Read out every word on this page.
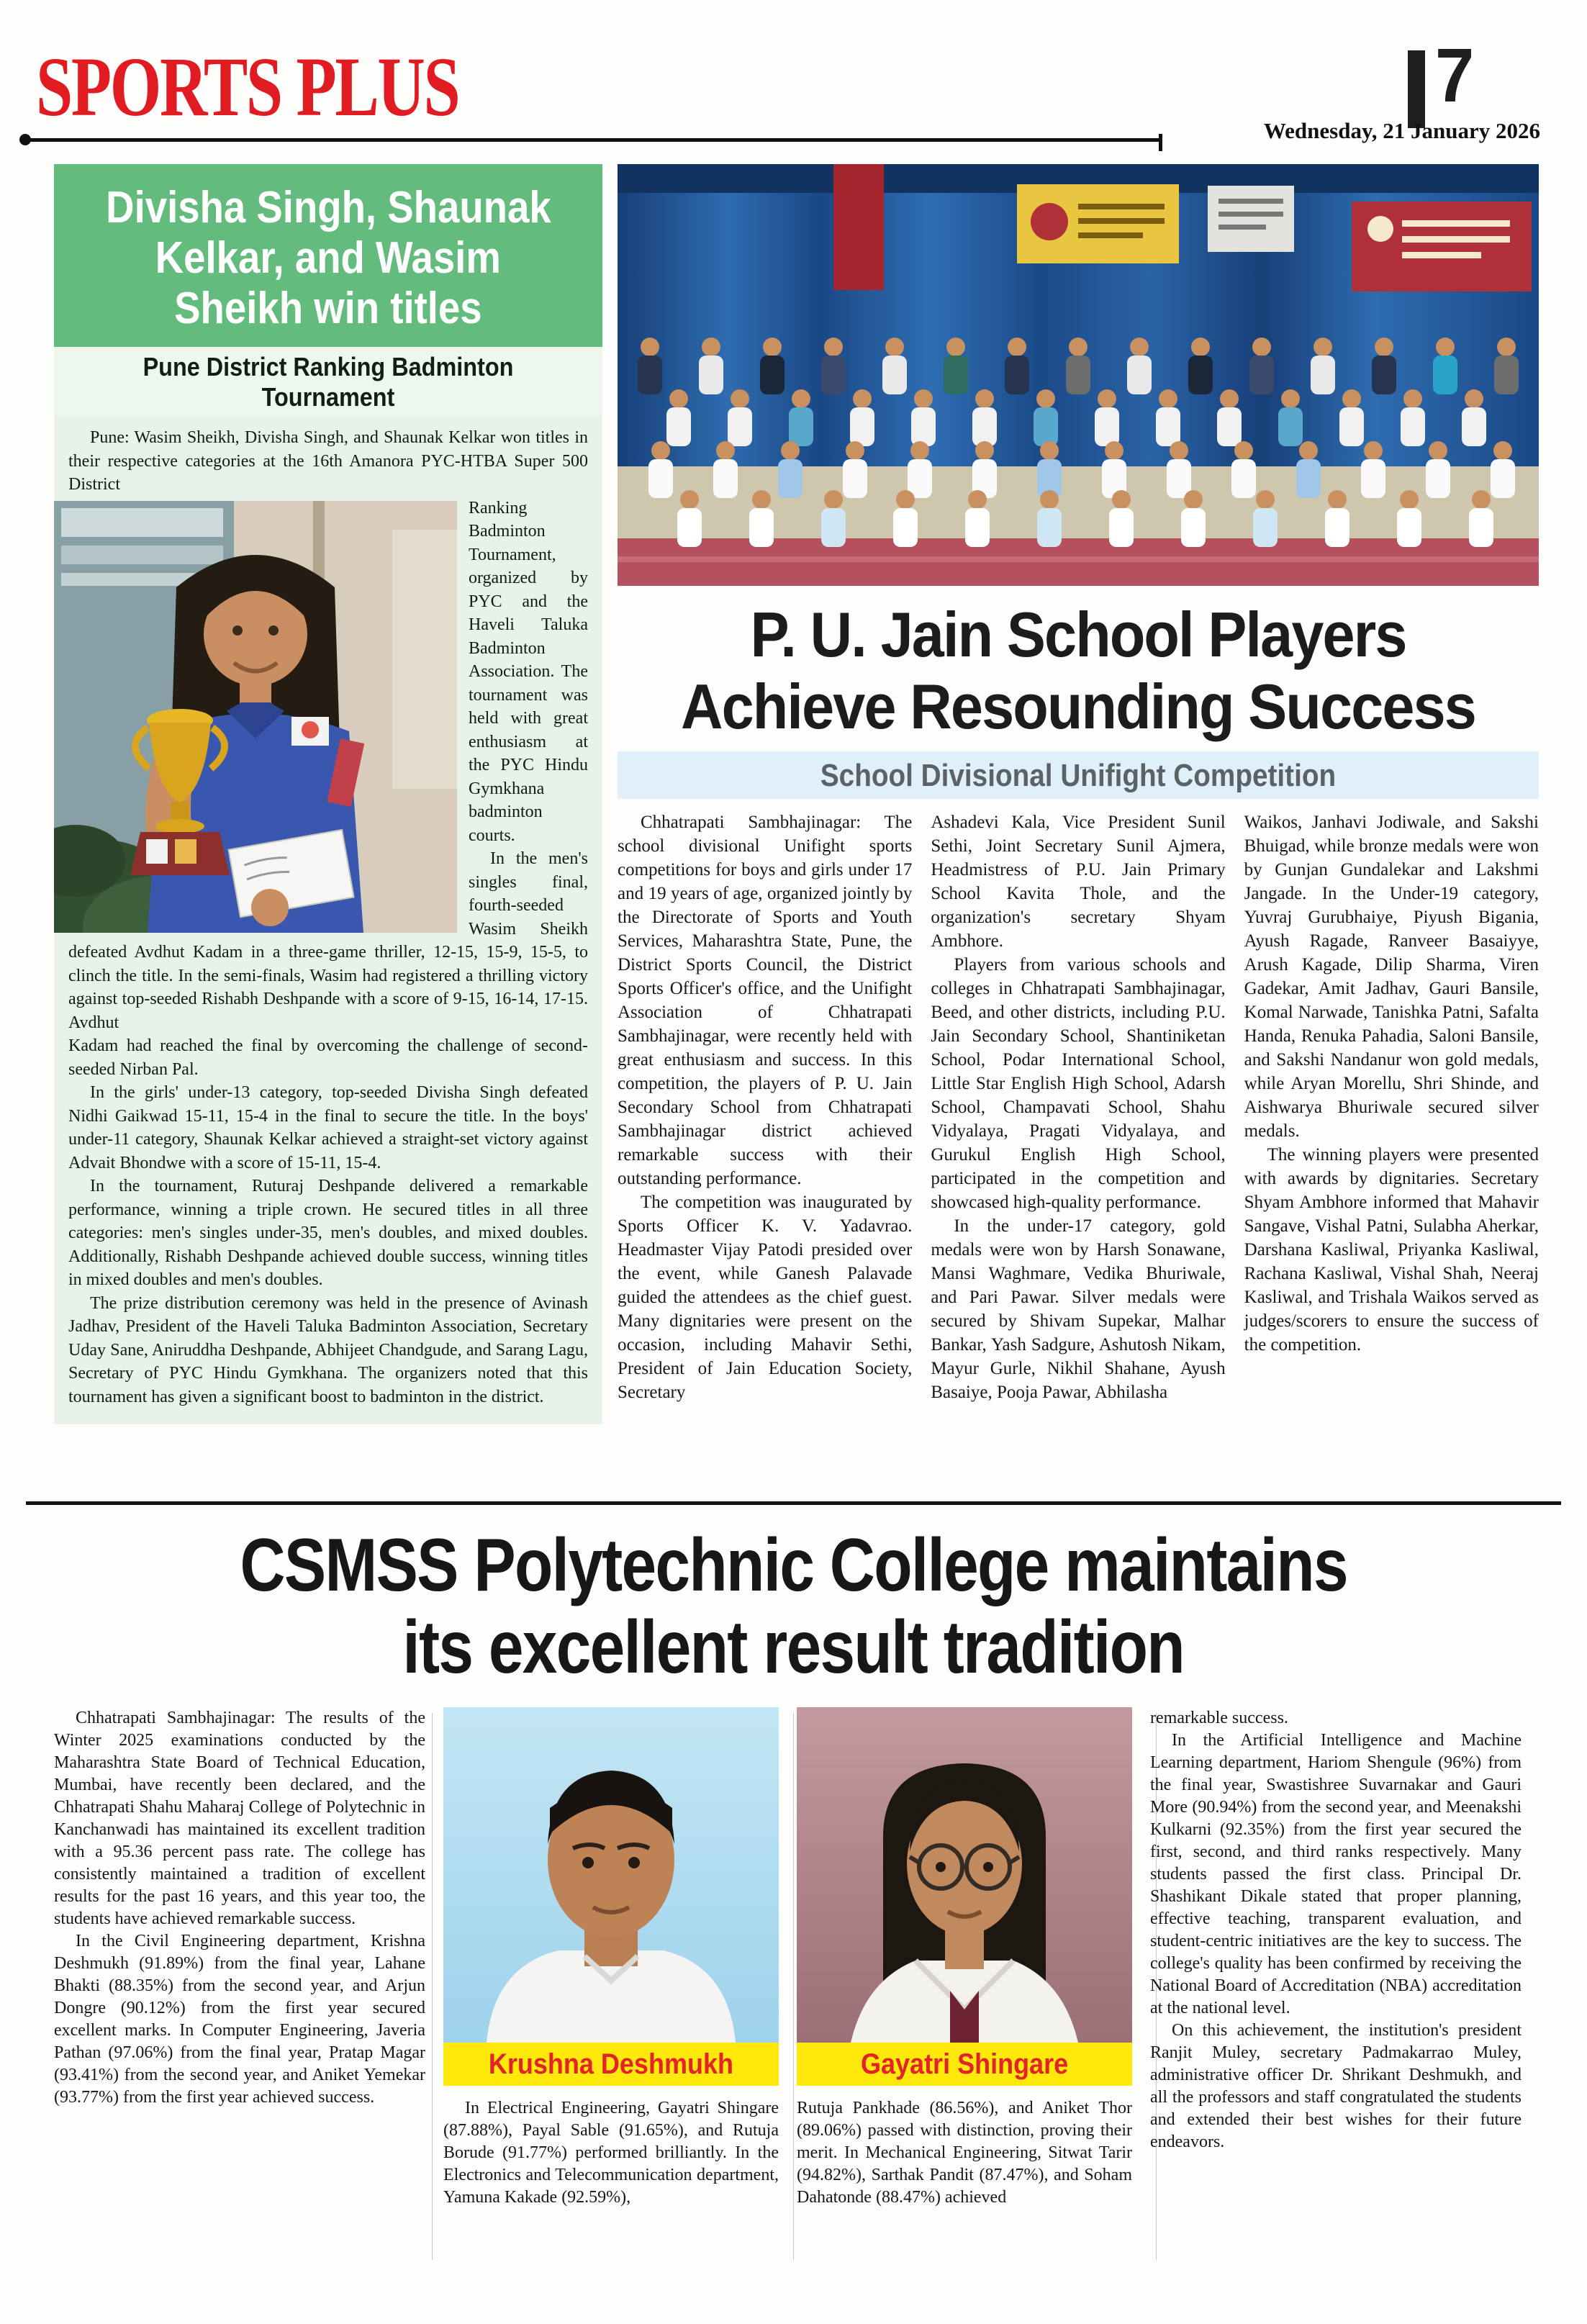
SPORTS PLUS	7
Wednesday, 21 January 2026
Divisha Singh, Shaunak
Kelkar, and Wasim
Sheikh win titles
Pune District Ranking Badminton Tournament

Pune: Wasim Sheikh, Divisha Singh, and Shaunak Kelkar won titles in their respective categories at the 16th Amanora PYC-HTBA Super 500 District

Ranking Badminton Tournament, organized by PYC and the Haveli Taluka Badminton Association. The tournament was held with great enthusiasm at the PYC Hindu Gymkhana badminton courts.

In the men's singles final, fourth-seeded Wasim Sheikh defeated Avdhut Kadam in a three-game thriller, 12-15, 15-9, 15-5, to clinch the title. In the semi-finals, Wasim had registered a thrilling victory against top-seeded Rishabh Deshpande with a score of 9-15, 16-14, 17-15. Avdhut

Kadam had reached the final by overcoming the challenge of second-seeded Nirban Pal.

In the girls' under-13 category, top-seeded Divisha Singh defeated Nidhi Gaikwad 15-11, 15-4 in the final to secure the title. In the boys' under-11 category, Shaunak Kelkar achieved a straight-set victory against Advait Bhondwe with a score of 15-11, 15-4.

In the tournament, Ruturaj Deshpande delivered a remarkable performance, winning a triple crown. He secured titles in all three categories: men's singles under-35, men's doubles, and mixed doubles. Additionally, Rishabh Deshpande achieved double success, winning titles in mixed doubles and men's doubles.

The prize distribution ceremony was held in the presence of Avinash Jadhav, President of the Haveli Taluka Badminton Association, Secretary Uday Sane, Aniruddha Deshpande, Abhijeet Chandgude, and Sarang Lagu, Secretary of PYC Hindu Gymkhana. The organizers noted that this tournament has given a significant boost to badminton in the district.

P. U. Jain School Players
Achieve Resounding Success
School Divisional Unifight Competition

Chhatrapati Sambhajinagar: The school divisional Unifight sports competitions for boys and girls under 17 and 19 years of age, organized jointly by the Directorate of Sports and Youth Services, Maharashtra State, Pune, the District Sports Council, the District Sports Officer's office, and the Unifight Association of Chhatrapati Sambhajinagar, were recently held with great enthusiasm and success. In this competition, the players of P. U. Jain Secondary School from Chhatrapati Sambhajinagar district achieved remarkable success with their outstanding performance.

The competition was inaugurated by Sports Officer K. V. Yadavrao. Headmaster Vijay Patodi presided over the event, while Ganesh Palavade guided the attendees as the chief guest. Many dignitaries were present on the occasion, including Mahavir Sethi, President of Jain Education Society, Secretary

Ashadevi Kala, Vice President Sunil Sethi, Joint Secretary Sunil Ajmera, Headmistress of P.U. Jain Primary School Kavita Thole, and the organization's secretary Shyam Ambhore.

Players from various schools and colleges in Chhatrapati Sambhajinagar, Beed, and other districts, including P.U. Jain Secondary School, Shantiniketan School, Podar International School, Little Star English High School, Adarsh School, Champavati School, Shahu Vidyalaya, Pragati Vidyalaya, and Gurukul English High School, participated in the competition and showcased high-quality performance.

In the under-17 category, gold medals were won by Harsh Sonawane, Mansi Waghmare, Vedika Bhuriwale, and Pari Pawar. Silver medals were secured by Shivam Supekar, Malhar Bankar, Yash Sadgure, Ashutosh Nikam, Mayur Gurle, Nikhil Shahane, Ayush Basaiye, Pooja Pawar, Abhilasha

Waikos, Janhavi Jodiwale, and Sakshi Bhuigad, while bronze medals were won by Gunjan Gundalekar and Lakshmi Jangade. In the Under-19 category, Yuvraj Gurubhaiye, Piyush Bigania, Ayush Ragade, Ranveer Basaiyye, Arush Kagade, Dilip Sharma, Viren Gadekar, Amit Jadhav, Gauri Bansile, Komal Narwade, Tanishka Patni, Safalta Handa, Renuka Pahadia, Saloni Bansile, and Sakshi Nandanur won gold medals, while Aryan Morellu, Shri Shinde, and Aishwarya Bhuriwale secured silver medals.

The winning players were presented with awards by dignitaries. Secretary Shyam Ambhore informed that Mahavir Sangave, Vishal Patni, Sulabha Aherkar, Darshana Kasliwal, Priyanka Kasliwal, Rachana Kasliwal, Vishal Shah, Neeraj Kasliwal, and Trishala Waikos served as judges/scorers to ensure the success of the competition.

CSMSS Polytechnic College maintains
its excellent result tradition

Chhatrapati Sambhajinagar: The results of the Winter 2025 examinations conducted by the Maharashtra State Board of Technical Education, Mumbai, have recently been declared, and the Chhatrapati Shahu Maharaj College of Polytechnic in Kanchanwadi has maintained its excellent tradition with a 95.36 percent pass rate. The college has consistently maintained a tradition of excellent results for the past 16 years, and this year too, the students have achieved remarkable success.

In the Civil Engineering department, Krishna Deshmukh (91.89%) from the final year, Lahane Bhakti (88.35%) from the second year, and Arjun Dongre (90.12%) from the first year secured excellent marks. In Computer Engineering, Javeria Pathan (97.06%) from the final year, Pratap Magar (93.41%) from the second year, and Aniket Yemekar (93.77%) from the first year achieved success.

Krushna Deshmukh

In Electrical Engineering, Gayatri Shingare (87.88%), Payal Sable (91.65%), and Rutuja Borude (91.77%) performed brilliantly. In the Electronics and Telecommunication department, Yamuna Kakade (92.59%),

Gayatri Shingare

Rutuja Pankhade (86.56%), and Aniket Thor (89.06%) passed with distinction, proving their merit. In Mechanical Engineering, Sitwat Tarir (94.82%), Sarthak Pandit (87.47%), and Soham Dahatonde (88.47%) achieved

remarkable success.

In the Artificial Intelligence and Machine Learning department, Hariom Shengule (96%) from the final year, Swastishree Suvarnakar and Gauri More (90.94%) from the second year, and Meenakshi Kulkarni (92.35%) from the first year secured the first, second, and third ranks respectively. Many students passed the first class. Principal Dr. Shashikant Dikale stated that proper planning, effective teaching, transparent evaluation, and student-centric initiatives are the key to success. The college's quality has been confirmed by receiving the National Board of Accreditation (NBA) accreditation at the national level.

On this achievement, the institution's president Ranjit Muley, secretary Padmakarrao Muley, administrative officer Dr. Shrikant Deshmukh, and all the professors and staff congratulated the students and extended their best wishes for their future endeavors.
